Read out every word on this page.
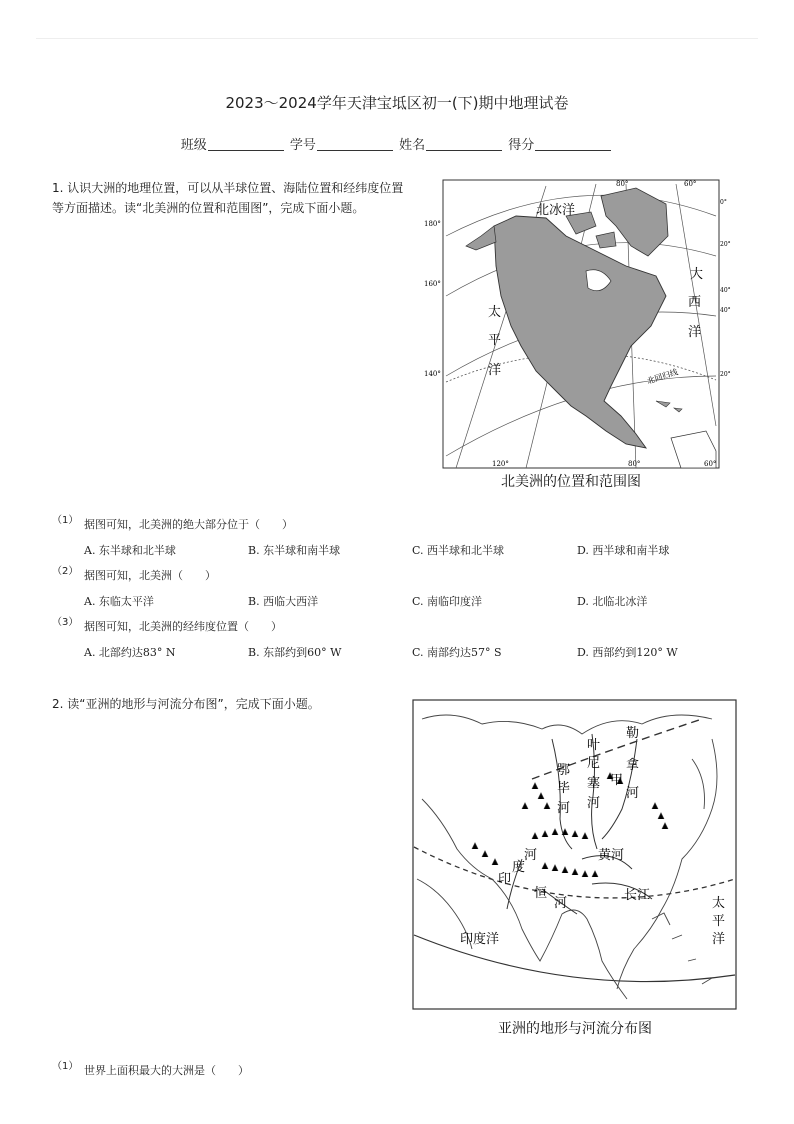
2023～2024学年天津宝坻区初一(下)期中地理试卷
班级	学号	姓名	得分
1. 认识大洲的地理位置，可以从半球位置、海陆位置和经纬度位置
等方面描述。读“北美洲的位置和范围图”，完成下面小题。	北冰洋
大
西
洋
太
平
洋	北回归线
80°	60°
120°	80°	60°
180°
160°
140°
0°
20°
40°
40°
20°
北美洲的位置和范围图
（1） 据图可知，北美洲的绝大部分位于（　　）
A. 东半球和北半球	B. 东半球和南半球	C. 西半球和北半球	D. 西半球和南半球
（2） 据图可知，北美洲（　　）
A. 东临太平洋	B. 西临大西洋	C. 南临印度洋	D. 北临北冰洋
（3） 据图可知，北美洲的经纬度位置（　　）
A. 北部约达83° N	B. 东部约到60° W	C. 南部约达57° S	D. 西部约到120° W
2. 读“亚洲的地形与河流分布图”，完成下面小题。
鄂
毕
河
叶
尼
塞
河
甲
勒
拿
河
黄河
长江
印
度
河
恒
河
印度洋
太
平
洋
亚洲的地形与河流分布图
（1） 世界上面积最大的大洲是（　　）
